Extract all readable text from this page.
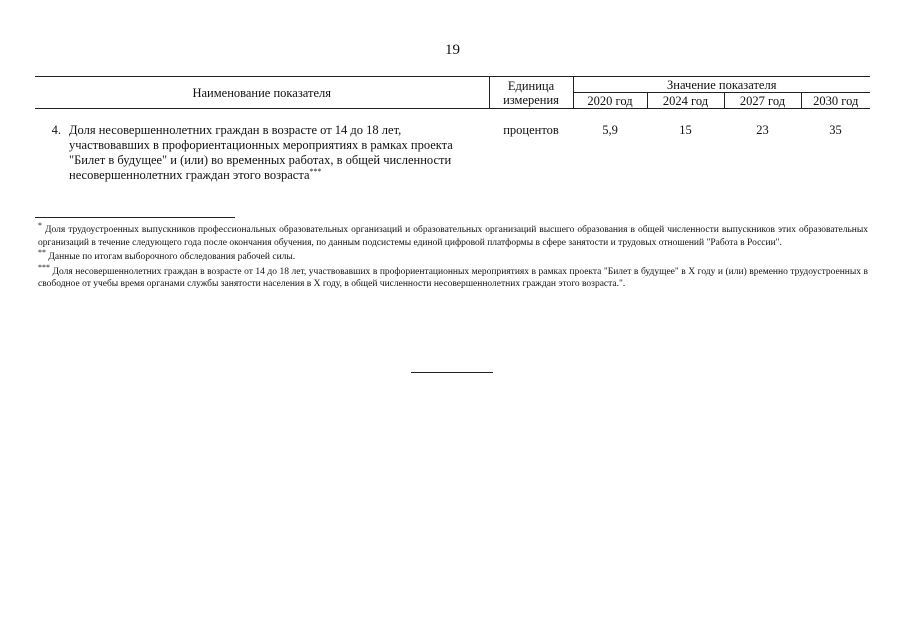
19
Наименование показателя		Единица
измерения	Значение показателя			
			2020 год	2024 год	2027 год	2030 год

4.	Доля несовершеннолетних граждан в возрасте от 14 до 18 лет,
участвовавших в профориентационных мероприятиях в рамках проекта
"Билет в будущее" и (или) во временных работах, в общей численности
несовершеннолетних граждан этого возраста***	процентов	5,9	15	23	35

* Доля трудоустроенных выпускников профессиональных образовательных организаций и образовательных организаций высшего образования в общей численности выпускников этих образовательных организаций в течение следующего года после окончания обучения, по данным подсистемы единой цифровой платформы в сфере занятости и трудовых отношений "Работа в России".

** Данные по итогам выборочного обследования рабочей силы.

*** Доля несовершеннолетних граждан в возрасте от 14 до 18 лет, участвовавших в профориентационных мероприятиях в рамках проекта "Билет в будущее" в X году и (или) временно трудоустроенных в свободное от учебы время органами службы занятости населения в X году, в общей численности несовершеннолетних граждан этого возраста.".
